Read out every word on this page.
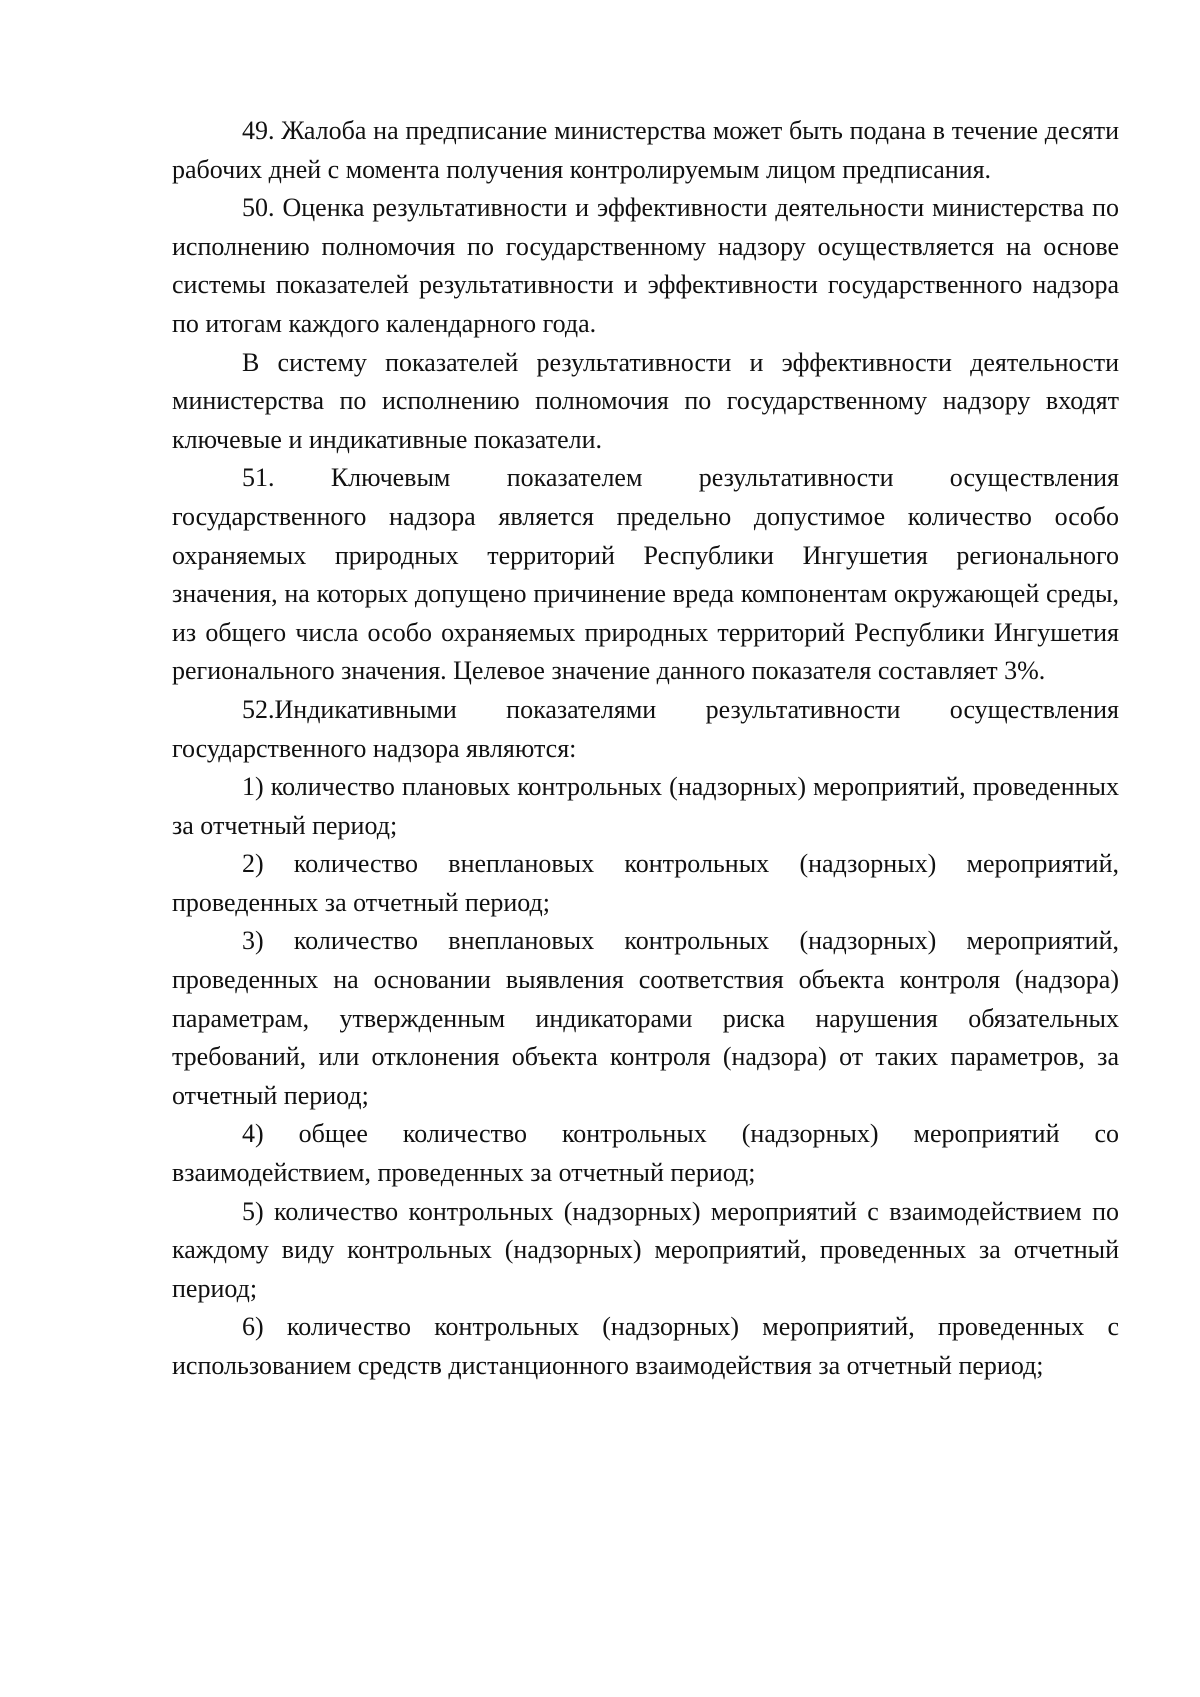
49. Жалоба на предписание министерства может быть подана в течение десяти рабочих дней с момента получения контролируемым лицом предписания.

50. Оценка результативности и эффективности деятельности министерства по исполнению полномочия по государственному надзору осуществляется на основе системы показателей результативности и эффективности государственного надзора по итогам каждого календарного года.

В систему показателей результативности и эффективности деятельности министерства по исполнению полномочия по государственному надзору входят ключевые и индикативные показатели.

51. Ключевым показателем результативности осуществления государственного надзора является предельно допустимое количество особо охраняемых природных территорий Республики Ингушетия регионального значения, на которых допущено причинение вреда компонентам окружающей среды, из общего числа особо охраняемых природных территорий Республики Ингушетия регионального значения. Целевое значение данного показателя составляет 3%.

52.Индикативными показателями результативности осуществления государственного надзора являются:

1) количество плановых контрольных (надзорных) мероприятий, проведенных за отчетный период;

2) количество внеплановых контрольных (надзорных) мероприятий, проведенных за отчетный период;

3) количество внеплановых контрольных (надзорных) мероприятий, проведенных на основании выявления соответствия объекта контроля (надзора) параметрам, утвержденным индикаторами риска нарушения обязательных требований, или отклонения объекта контроля (надзора) от таких параметров, за отчетный период;

4) общее количество контрольных (надзорных) мероприятий со взаимодействием, проведенных за отчетный период;

5) количество контрольных (надзорных) мероприятий с взаимодействием по каждому виду контрольных (надзорных) мероприятий, проведенных за отчетный период;

6) количество контрольных (надзорных) мероприятий, проведенных с использованием средств дистанционного взаимодействия за отчетный период;
